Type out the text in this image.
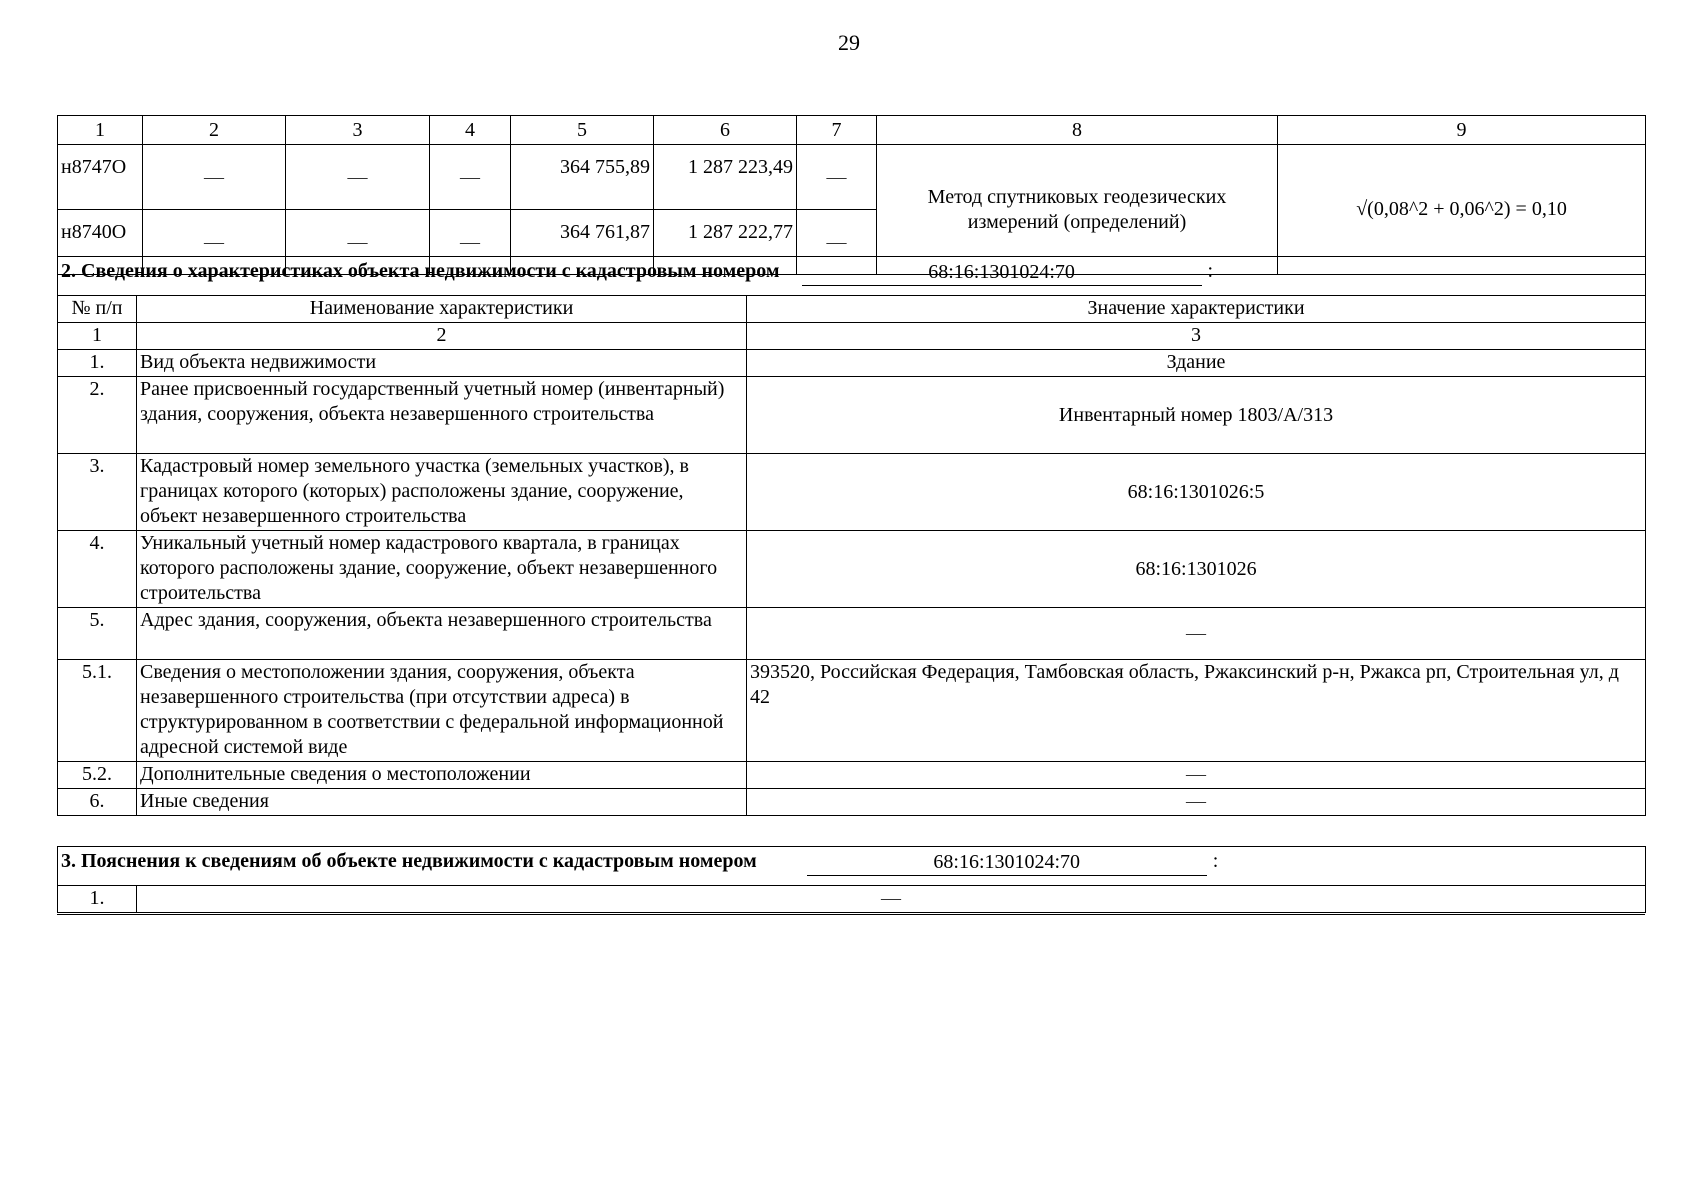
29
1	2	3	4	5	6	7	8	9
н8747О	—	—	—	364 755,89	1 287 223,49	—	Метод спутниковых геодезических измерений (определений)	√(0,08^2 + 0,06^2) = 0,10
н8740О	—	—	—	364 761,87	1 287 222,77	—		
2. Сведения о характеристиках объекта недвижимости с кадастровым номером 68:16:1301024:70 :		

№ п/п	Наименование характеристики	Значение характеристики
1	2	3
1.	Вид объекта недвижимости	Здание
2.	Ранее присвоенный государственный учетный номер (инвентарный) здания, сооружения, объекта незавершенного строительства	Инвентарный номер 1803/А/313
3.	Кадастровый номер земельного участка (земельных участков), в границах которого (которых) расположены здание, сооружение, объект незавершенного строительства	68:16:1301026:5
4.	Уникальный учетный номер кадастрового квартала, в границах которого расположены здание, сооружение, объект незавершенного строительства	68:16:1301026
5.	Адрес здания, сооружения, объекта незавершенного строительства	—
5.1.	Сведения о местоположении здания, сооружения, объекта незавершенного строительства (при отсутствии адреса) в структурированном в соответствии с федеральной информационной адресной системой виде	393520, Российская Федерация, Тамбовская область, Ржаксинский р-н, Ржакса рп, Строительная ул, д 42
5.2.	Дополнительные сведения о местоположении	—
6.	Иные сведения	—
3. Пояснения к сведениям об объекте недвижимости с кадастровым номером	68:16:1301024:70	:

1.	—
